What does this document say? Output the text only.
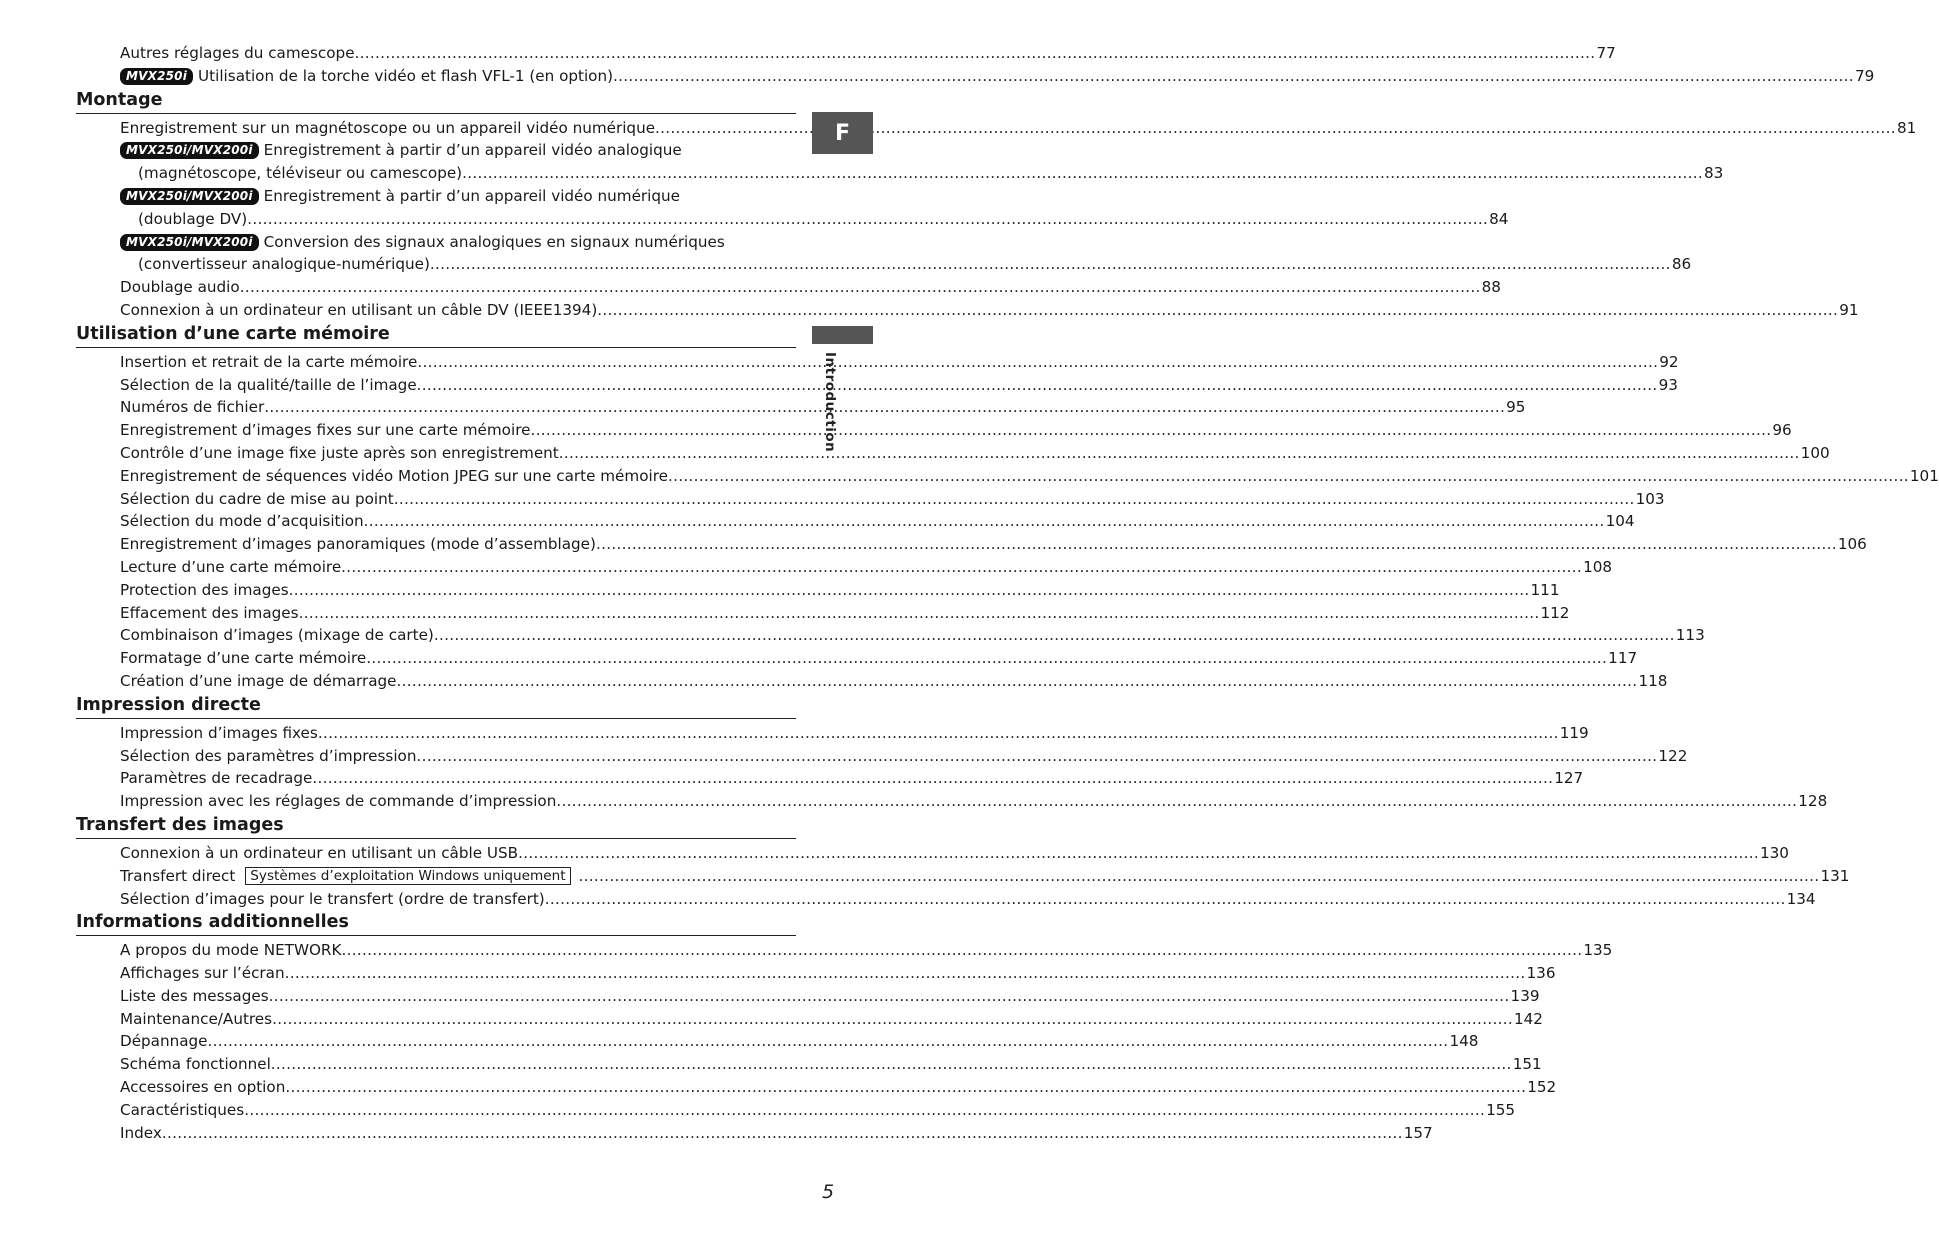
Autres réglages du camescope .....	77
MVX250i Utilisation de la torche vidéo et flash VFL-1 (en option) .....	79
Montage
Enregistrement sur un magnétoscope ou un appareil vidéo numérique .....	81
MVX250i/MVX200i Enregistrement à partir d’un appareil vidéo analogique
(magnétoscope, téléviseur ou camescope) .....	83
MVX250i/MVX200i Enregistrement à partir d’un appareil vidéo numérique
(doublage DV) .....	84
MVX250i/MVX200i Conversion des signaux analogiques en signaux numériques
(convertisseur analogique-numérique) .....	86
Doublage audio .....	88
Connexion à un ordinateur en utilisant un câble DV (IEEE1394) .....	91
Utilisation d’une carte mémoire
Insertion et retrait de la carte mémoire .....	92
Sélection de la qualité/taille de l’image .....	93
Numéros de fichier .....	95
Enregistrement d’images fixes sur une carte mémoire .....	96
Contrôle d’une image fixe juste après son enregistrement .....	100
Enregistrement de séquences vidéo Motion JPEG sur une carte mémoire .....	101
Sélection du cadre de mise au point .....	103
Sélection du mode d’acquisition .....	104
Enregistrement d’images panoramiques (mode d’assemblage) .....	106
Lecture d’une carte mémoire .....	108
Protection des images .....	111
Effacement des images .....	112
Combinaison d’images (mixage de carte) .....	113
Formatage d’une carte mémoire .....	117
Création d’une image de démarrage .....	118
Impression directe
Impression d’images fixes .....	119
Sélection des paramètres d’impression .....	122
Paramètres de recadrage .....	127
Impression avec les réglages de commande d’impression .....	128
Transfert des images
Connexion à un ordinateur en utilisant un câble USB .....	130
Transfert direct Systèmes d’exploitation Windows uniquement .....	131
Sélection d’images pour le transfert (ordre de transfert) .....	134
Informations additionnelles
A propos du mode NETWORK .....	135
Affichages sur l’écran .....	136
Liste des messages .....	139
Maintenance/Autres .....	142
Dépannage .....	148
Schéma fonctionnel .....	151
Accessoires en option .....	152
Caractéristiques .....	155
Index .....	157
F
Introduction
5
